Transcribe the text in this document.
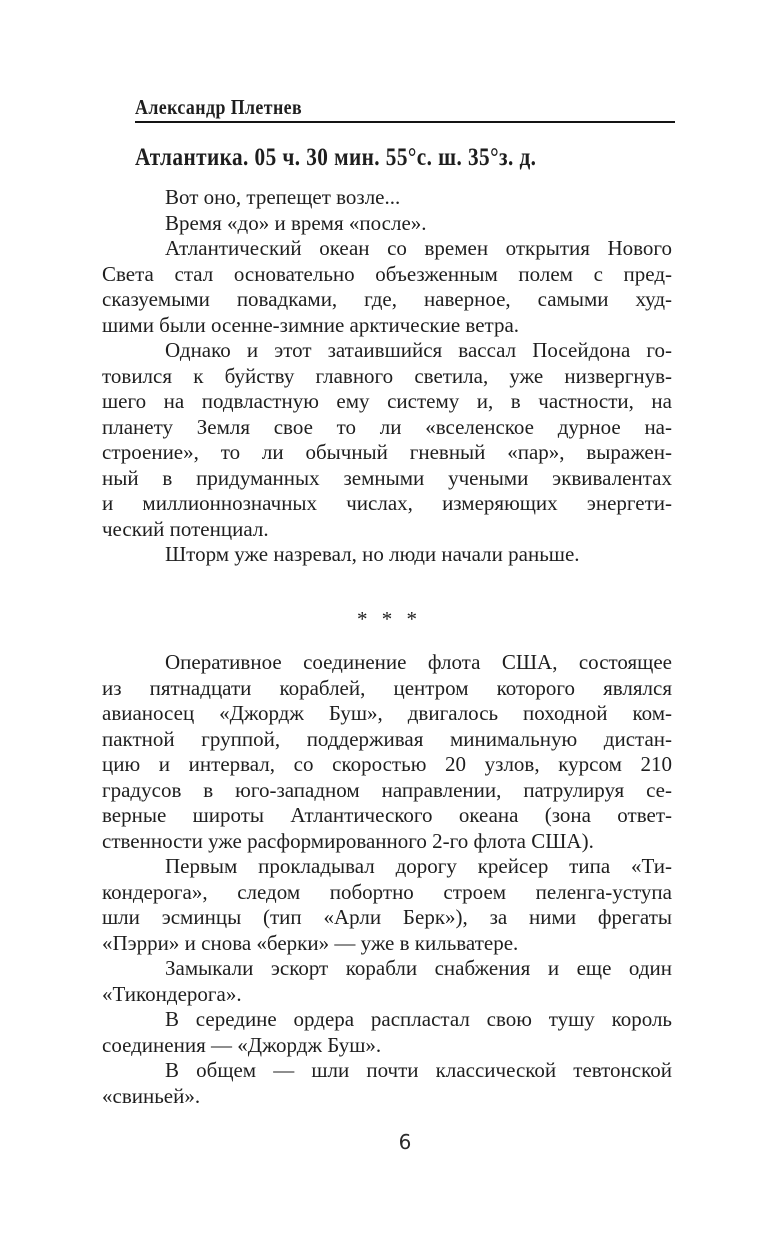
Александр Плетнев
Атлантика. 05 ч. 30 мин. 55°с. ш. 35°з. д.
Вот оно, трепещет возле...
Время «до» и время «после».
Атлантический океан со времен открытия Нового
Света стал основательно объезженным полем с пред-
сказуемыми повадками, где, наверное, самыми худ-
шими были осенне-зимние арктические ветра.
Однако и этот затаившийся вассал Посейдона го-
товился к буйству главного светила, уже низвергнув-
шего на подвластную ему систему и, в частности, на
планету Земля свое то ли «вселенское дурное на-
строение», то ли обычный гневный «пар», выражен-
ный в придуманных земными учеными эквивалентах
и миллионнозначных числах, измеряющих энергети-
ческий потенциал.
Шторм уже назревал, но люди начали раньше.
* * *
Оперативное соединение флота США, состоящее
из пятнадцати кораблей, центром которого являлся
авианосец «Джордж Буш», двигалось походной ком-
пактной группой, поддерживая минимальную дистан-
цию и интервал, со скоростью 20 узлов, курсом 210
градусов в юго-западном направлении, патрулируя се-
верные широты Атлантического океана (зона ответ-
ственности уже расформированного 2-го флота США).
Первым прокладывал дорогу крейсер типа «Ти-
кондерога», следом побортно строем пеленга-уступа
шли эсминцы (тип «Арли Берк»), за ними фрегаты
«Пэрри» и снова «берки» — уже в кильватере.
Замыкали эскорт корабли снабжения и еще один
«Тикондерога».
В середине ордера распластал свою тушу король
соединения — «Джордж Буш».
В общем — шли почти классической тевтонской
«свиньей».
6
